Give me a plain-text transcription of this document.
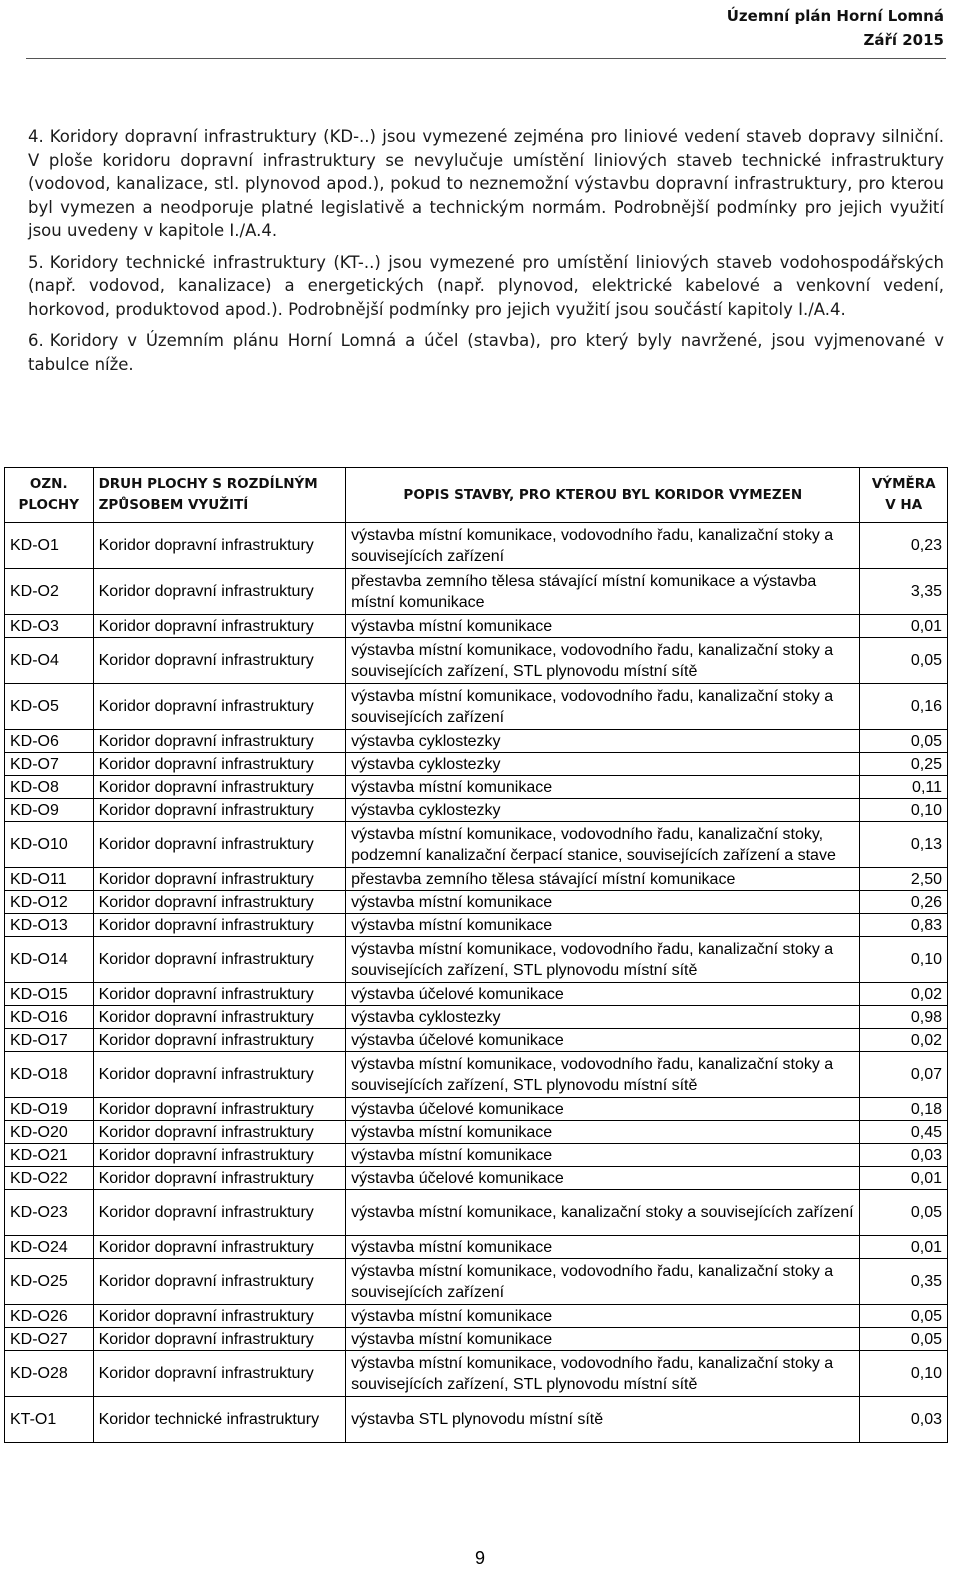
Územní plán Horní Lomná
Září 2015

4. Koridory dopravní infrastruktury (KD-..) jsou vymezené zejména pro liniové vedení staveb dopravy silniční. V ploše koridoru dopravní infrastruktury se nevylučuje umístění liniových staveb technické infrastruktury (vodovod, kanalizace, stl. plynovod apod.), pokud to neznemožní výstavbu dopravní infrastruktury, pro kterou byl vymezen a neodporuje platné legislativě a technickým normám. Podrobnější podmínky pro jejich využití jsou uvedeny v kapitole I./A.4.

5. Koridory technické infrastruktury (KT-..) jsou vymezené pro umístění liniových staveb vodohospodářských (např. vodovod, kanalizace) a energetických (např. plynovod, elektrické kabelové a venkovní vedení, horkovod, produktovod apod.). Podrobnější podmínky pro jejich využití jsou součástí kapitoly I./A.4.

6. Koridory v Územním plánu Horní Lomná a účel (stavba), pro který byly navržené, jsou vyjmenované v tabulce níže.

OZN. PLOCHY	DRUH PLOCHY S ROZDÍLNÝM ZPŮSOBEM VYUŽITÍ	POPIS STAVBY, PRO KTEROU BYL KORIDOR VYMEZEN	VÝMĚRA V HA
KD-O1	Koridor dopravní infrastruktury	výstavba místní komunikace, vodovodního řadu, kanalizační stoky a souvisejících zařízení	0,23
KD-O2	Koridor dopravní infrastruktury	přestavba zemního tělesa stávající místní komunikace a výstavba místní komunikace	3,35
KD-O3	Koridor dopravní infrastruktury	výstavba místní komunikace	0,01
KD-O4	Koridor dopravní infrastruktury	výstavba místní komunikace, vodovodního řadu, kanalizační stoky a souvisejících zařízení, STL plynovodu místní sítě	0,05
KD-O5	Koridor dopravní infrastruktury	výstavba místní komunikace, vodovodního řadu, kanalizační stoky a souvisejících zařízení	0,16
KD-O6	Koridor dopravní infrastruktury	výstavba cyklostezky	0,05
KD-O7	Koridor dopravní infrastruktury	výstavba cyklostezky	0,25
KD-O8	Koridor dopravní infrastruktury	výstavba místní komunikace	0,11
KD-O9	Koridor dopravní infrastruktury	výstavba cyklostezky	0,10
KD-O10	Koridor dopravní infrastruktury	výstavba místní komunikace, vodovodního řadu, kanalizační stoky, podzemní kanalizační čerpací stanice, souvisejících zařízení a stave	0,13
KD-O11	Koridor dopravní infrastruktury	přestavba zemního tělesa stávající místní komunikace	2,50
KD-O12	Koridor dopravní infrastruktury	výstavba místní komunikace	0,26
KD-O13	Koridor dopravní infrastruktury	výstavba místní komunikace	0,83
KD-O14	Koridor dopravní infrastruktury	výstavba místní komunikace, vodovodního řadu, kanalizační stoky a souvisejících zařízení, STL plynovodu místní sítě	0,10
KD-O15	Koridor dopravní infrastruktury	výstavba účelové komunikace	0,02
KD-O16	Koridor dopravní infrastruktury	výstavba cyklostezky	0,98
KD-O17	Koridor dopravní infrastruktury	výstavba účelové komunikace	0,02
KD-O18	Koridor dopravní infrastruktury	výstavba místní komunikace, vodovodního řadu, kanalizační stoky a souvisejících zařízení, STL plynovodu místní sítě	0,07
KD-O19	Koridor dopravní infrastruktury	výstavba účelové komunikace	0,18
KD-O20	Koridor dopravní infrastruktury	výstavba místní komunikace	0,45
KD-O21	Koridor dopravní infrastruktury	výstavba místní komunikace	0,03
KD-O22	Koridor dopravní infrastruktury	výstavba účelové komunikace	0,01
KD-O23	Koridor dopravní infrastruktury	výstavba místní komunikace, kanalizační stoky a souvisejících zařízení	0,05
KD-O24	Koridor dopravní infrastruktury	výstavba místní komunikace	0,01
KD-O25	Koridor dopravní infrastruktury	výstavba místní komunikace, vodovodního řadu, kanalizační stoky a souvisejících zařízení	0,35
KD-O26	Koridor dopravní infrastruktury	výstavba místní komunikace	0,05
KD-O27	Koridor dopravní infrastruktury	výstavba místní komunikace	0,05
KD-O28	Koridor dopravní infrastruktury	výstavba místní komunikace, vodovodního řadu, kanalizační stoky a souvisejících zařízení, STL plynovodu místní sítě	0,10
KT-O1	Koridor technické infrastruktury	výstavba STL plynovodu místní sítě	0,03
9
